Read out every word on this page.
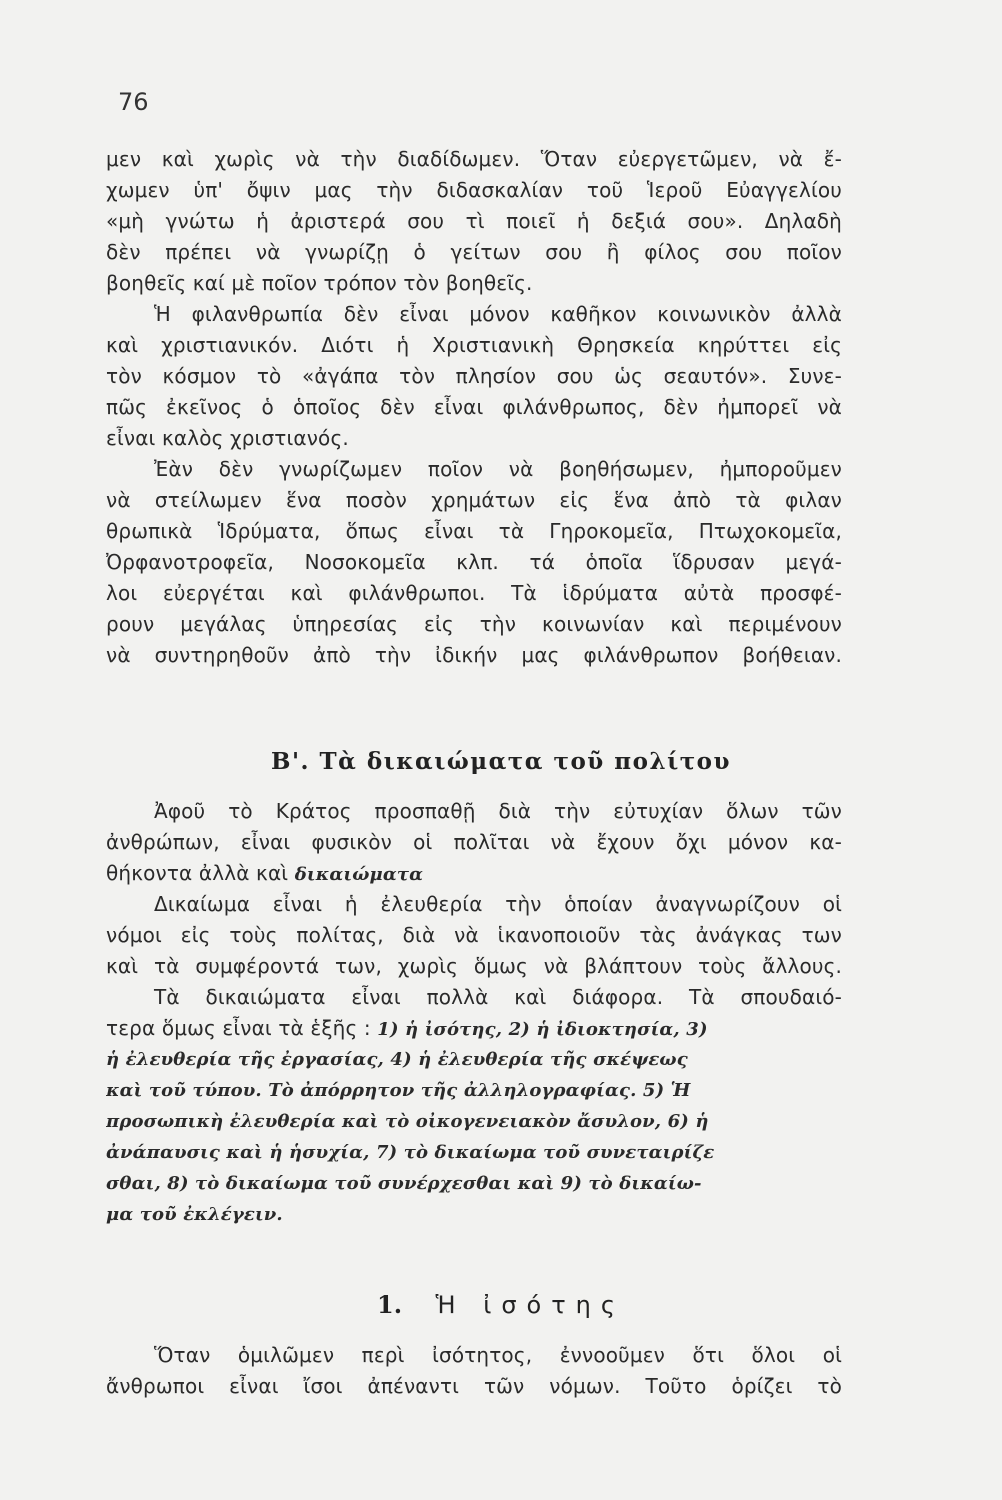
76
μεν καὶ χωρὶς νὰ τὴν διαδίδωμεν. Ὅταν εὐεργετῶμεν, νὰ ἔ-
χωμεν ὑπ' ὄψιν μας τὴν διδασκαλίαν τοῦ Ἱεροῦ Εὐαγγελίου
«μὴ γνώτω ἡ ἀριστερά σου τὶ ποιεῖ ἡ δεξιά σου». Δηλαδὴ
δὲν πρέπει νὰ γνωρίζῃ ὁ γείτων σου ἢ φίλος σου ποῖον
βοηθεῖς καί μὲ ποῖον τρόπον τὸν βοηθεῖς.
Ἡ φιλανθρωπία δὲν εἶναι μόνον καθῆκον κοινωνικὸν ἀλλὰ
καὶ χριστιανικόν. Διότι ἡ Χριστιανικὴ Θρησκεία κηρύττει εἰς
τὸν κόσμον τὸ «ἀγάπα τὸν πλησίον σου ὡς σεαυτόν». Συνε-
πῶς ἐκεῖνος ὁ ὁποῖος δὲν εἶναι φιλάνθρωπος, δὲν ἠμπορεῖ νὰ
εἶναι καλὸς χριστιανός.
Ἐὰν δὲν γνωρίζωμεν ποῖον νὰ βοηθήσωμεν, ἠμποροῦμεν
νὰ στείλωμεν ἕνα ποσὸν χρημάτων εἰς ἕνα ἀπὸ τὰ φιλαν
θρωπικὰ Ἱδρύματα, ὅπως εἶναι τὰ Γηροκομεῖα, Πτωχοκομεῖα,
Ὀρφανοτροφεῖα, Νοσοκομεῖα κλπ. τά ὁποῖα ἵδρυσαν μεγά-
λοι εὐεργέται καὶ φιλάνθρωποι. Τὰ ἱδρύματα αὐτὰ προσφέ-
ρουν μεγάλας ὑπηρεσίας εἰς τὴν κοινωνίαν καὶ περιμένουν
νὰ συντηρηθοῦν ἀπὸ τὴν ἰδικήν μας φιλάνθρωπον βοήθειαν.
Β'. Τὰ δικαιώματα τοῦ πολίτου
Ἀφοῦ τὸ Κράτος προσπαθῇ διὰ τὴν εὐτυχίαν ὅλων τῶν
ἀνθρώπων, εἶναι φυσικὸν οἱ πολῖται νὰ ἔχουν ὄχι μόνον κα-
θήκοντα ἀλλὰ καὶ δικαιώματα
Δικαίωμα εἶναι ἡ ἐλευθερία τὴν ὁποίαν ἀναγνωρίζουν οἱ
νόμοι εἰς τοὺς πολίτας, διὰ νὰ ἱκανοποιοῦν τὰς ἀνάγκας των
καὶ τὰ συμφέροντά των, χωρὶς ὅμως νὰ βλάπτουν τοὺς ἄλλους.
Τὰ δικαιώματα εἶναι πολλὰ καὶ διάφορα. Τὰ σπουδαιό-
τερα ὅμως εἶναι τὰ ἑξῆς : 1) ἡ ἰσότης, 2) ἡ ἰδιοκτησία, 3)
ἡ ἐλευθερία τῆς ἐργασίας, 4) ἡ ἐλευθερία τῆς σκέψεως
καὶ τοῦ τύπου. Τὸ ἀπόρρητον τῆς ἀλληλογραφίας. 5) Ἡ
προσωπικὴ ἐλευθερία καὶ τὸ οἰκογενειακὸν ἄσυλον, 6) ἡ
ἀνάπαυσις καὶ ἡ ἡσυχία, 7) τὸ δικαίωμα τοῦ συνεταιρίζε
σθαι, 8) τὸ δικαίωμα τοῦ συνέρχεσθαι καὶ 9) τὸ δικαίω-
μα τοῦ ἐκλέγειν.
1. Ἡ ἰσότης
Ὅταν ὁμιλῶμεν περὶ ἰσότητος, ἐννοοῦμεν ὅτι ὅλοι οἱ
ἄνθρωποι εἶναι ἴσοι ἀπέναντι τῶν νόμων. Τοῦτο ὁρίζει τὸ
